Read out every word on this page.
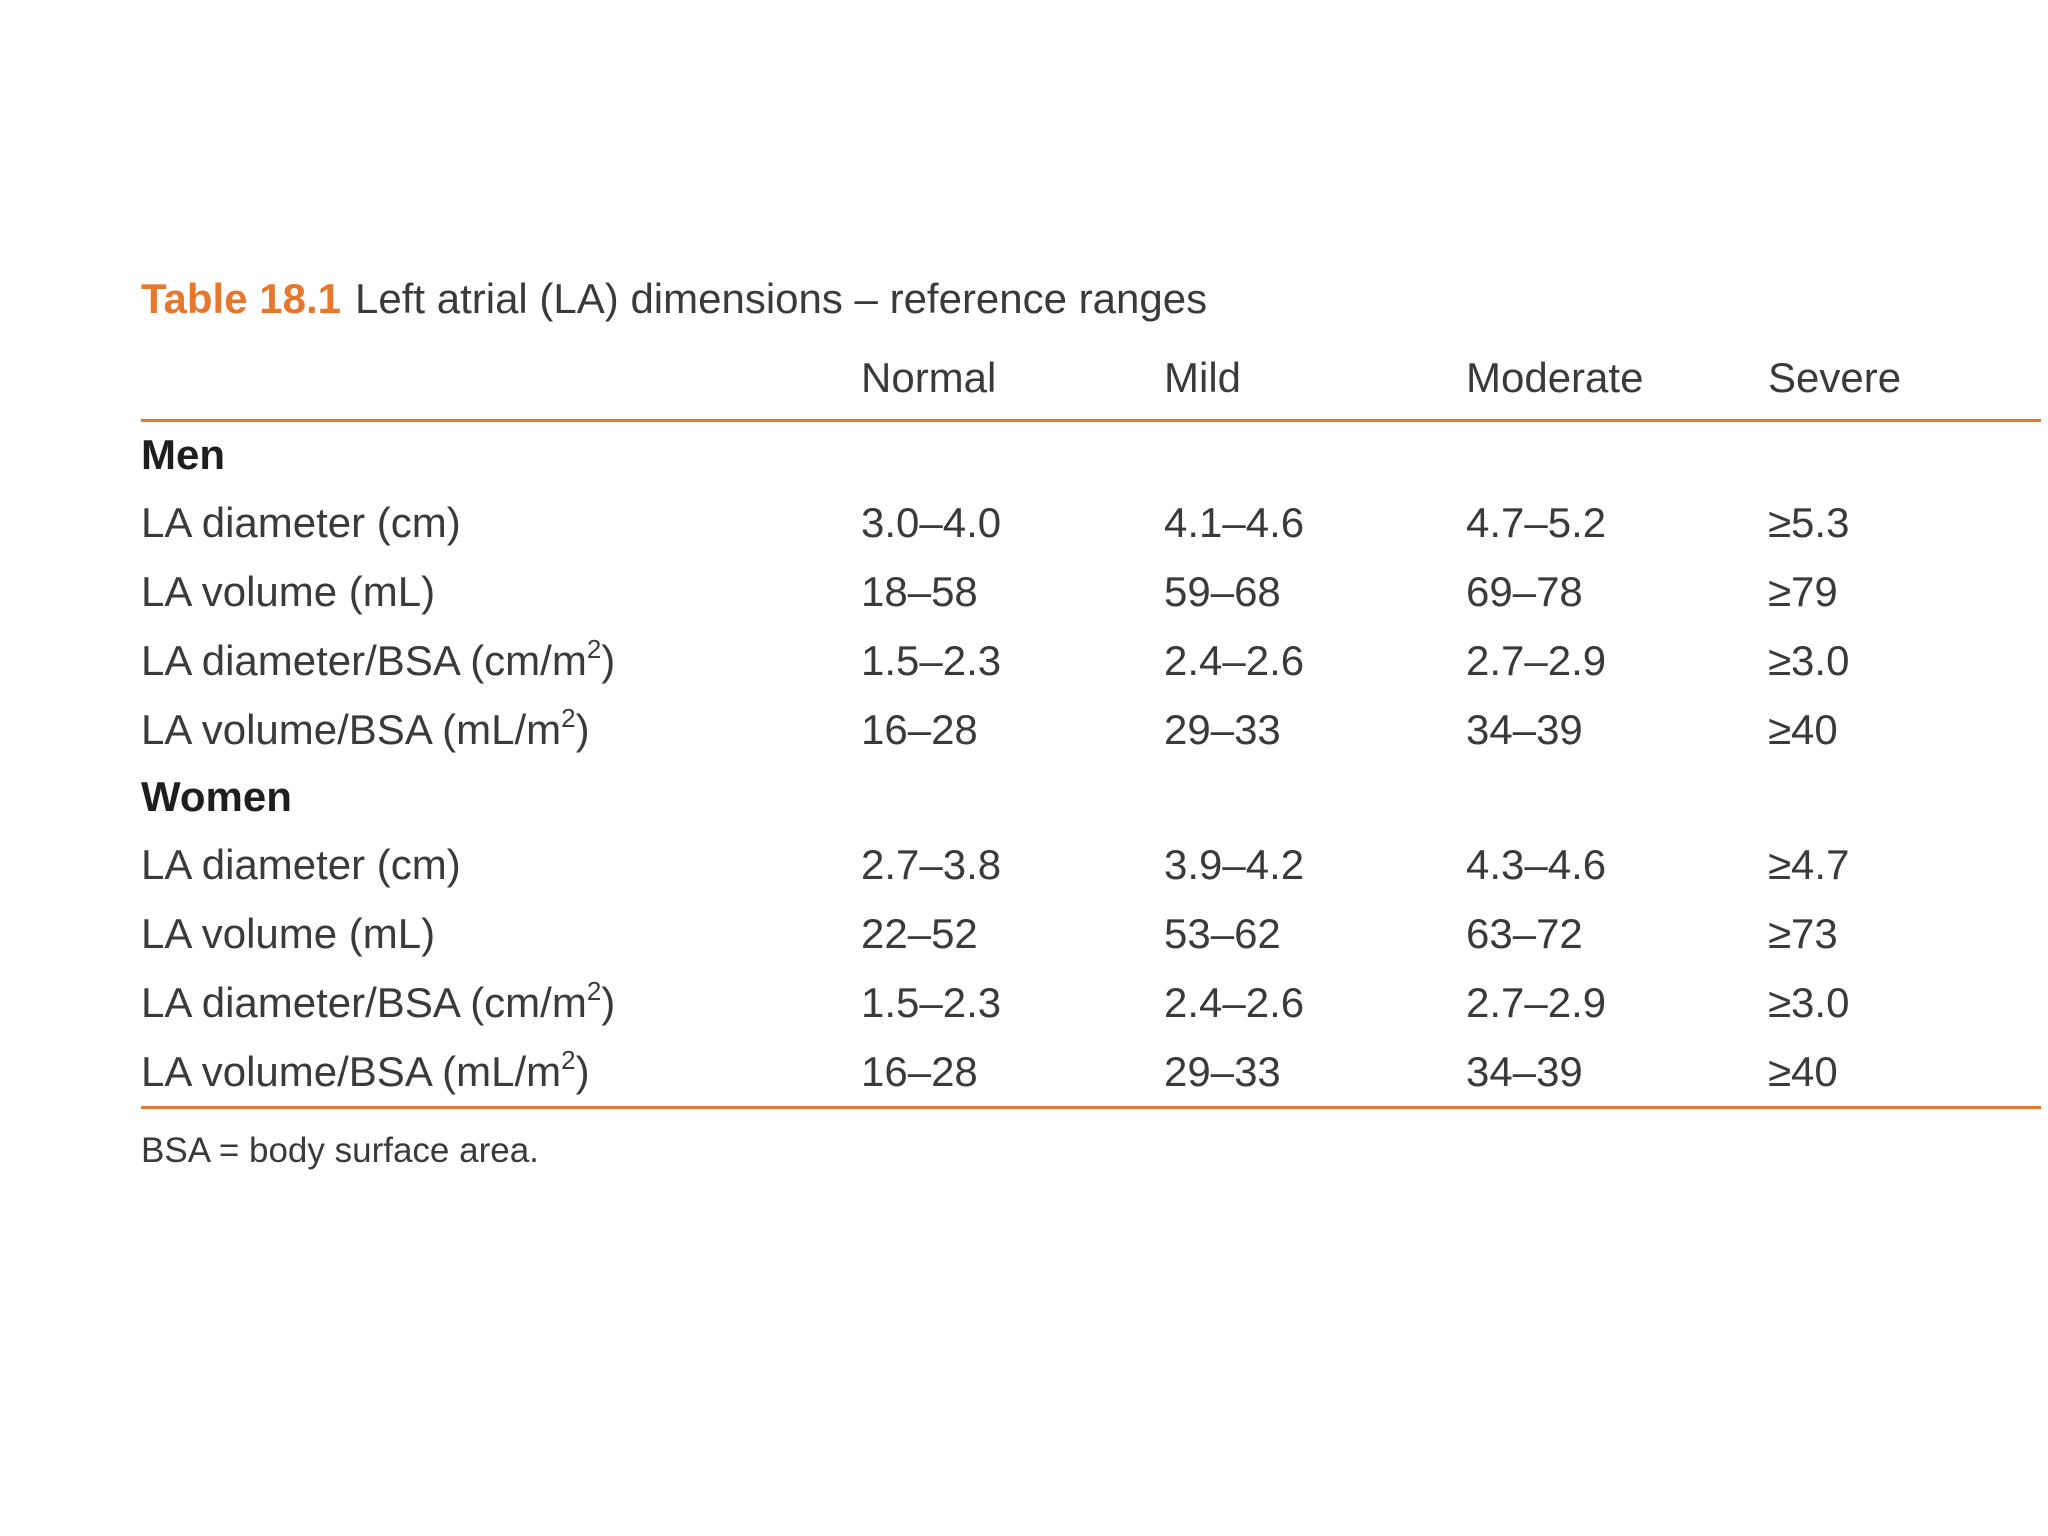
Table 18.1 Left atrial (LA) dimensions – reference ranges
	Normal	Mild	Moderate	Severe
Men				
LA diameter (cm)	3.0–4.0	4.1–4.6	4.7–5.2	≥5.3
LA volume (mL)	18–58	59–68	69–78	≥79
LA diameter/BSA $(cm/m^2)$	1.5–2.3	2.4–2.6	2.7–2.9	≥3.0
LA volume/BSA $(mL/m^2)$	16–28	29–33	34–39	≥40
Women				
LA diameter (cm)	2.7–3.8	3.9–4.2	4.3–4.6	≥4.7
LA volume (mL)	22–52	53–62	63–72	≥73
LA diameter/BSA $(cm/m^2)$	1.5–2.3	2.4–2.6	2.7–2.9	≥3.0
LA volume/BSA $(mL/m^2)$	16–28	29–33	34–39	≥40
BSA = body surface area.
